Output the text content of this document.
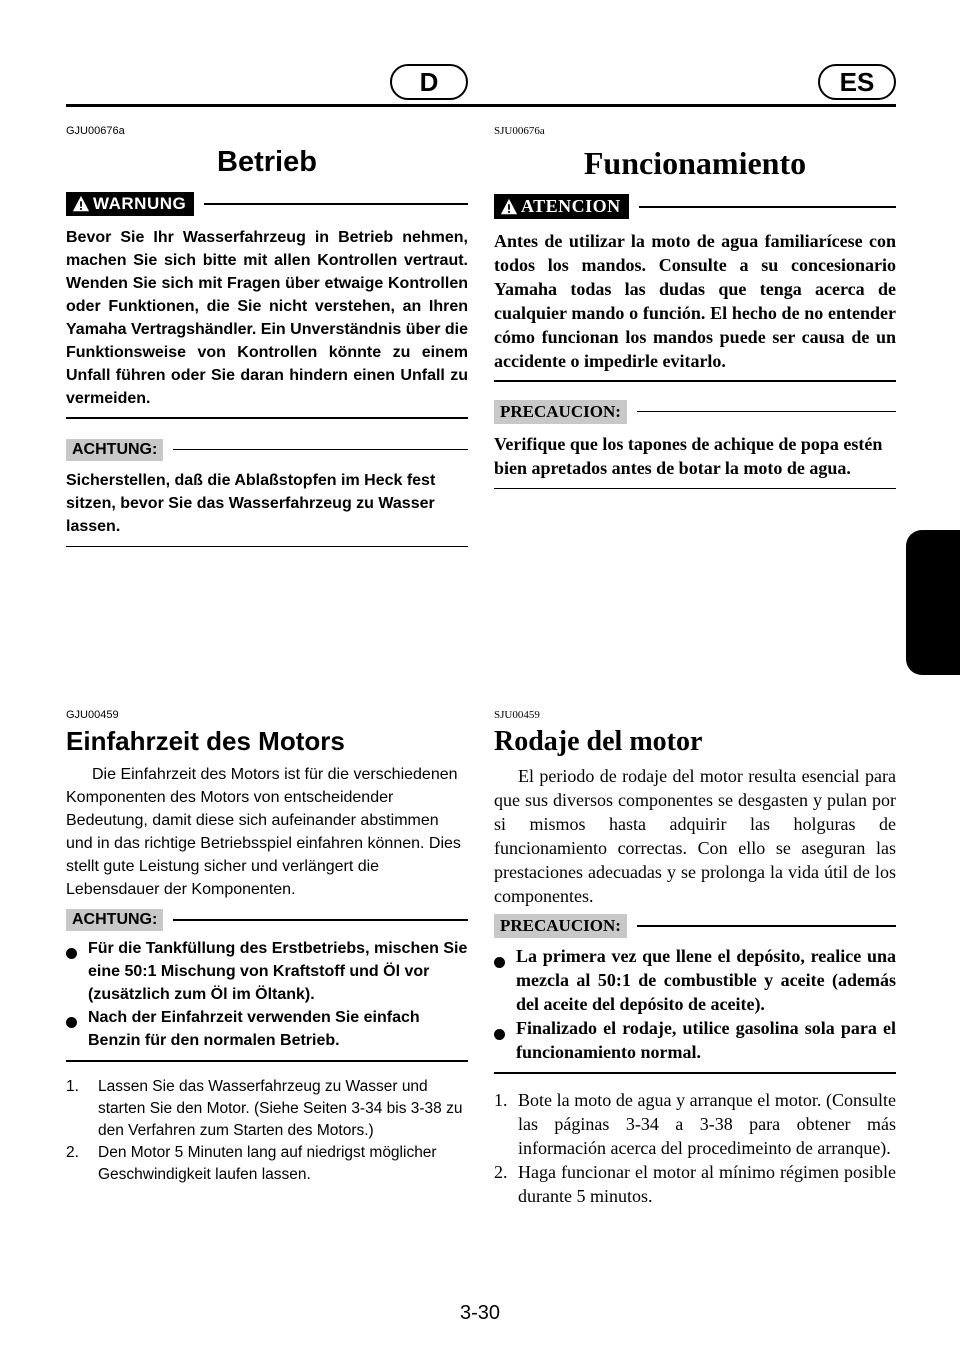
D	ES
GJU00676a
Betrieb
WARNUNG

Bevor Sie Ihr Wasserfahrzeug in Betrieb nehmen, machen Sie sich bitte mit allen Kontrollen vertraut. Wenden Sie sich mit Fragen über etwaige Kontrollen oder Funktionen, die Sie nicht verstehen, an Ihren Yamaha Vertragshändler. Ein Unverständnis über die Funktionsweise von Kontrollen könnte zu einem Unfall führen oder Sie daran hindern einen Unfall zu vermeiden.

ACHTUNG:

Sicherstellen, daß die Ablaßstopfen im Heck fest sitzen, bevor Sie das Wasserfahrzeug zu Wasser lassen.

SJU00676a
Funcionamiento
ATENCION

Antes de utilizar la moto de agua familiarícese con todos los mandos. Consulte a su concesionario Yamaha todas las dudas que tenga acerca de cualquier mando o función. El hecho de no entender cómo funcionan los mandos puede ser causa de un accidente o impedirle evitarlo.

PRECAUCION:

Verifique que los tapones de achique de popa estén bien apretados antes de botar la moto de agua.

GJU00459
Einfahrzeit des Motors

Die Einfahrzeit des Motors ist für die verschiedenen Komponenten des Motors von entscheidender Bedeutung, damit diese sich aufeinander abstimmen und in das richtige Betriebsspiel einfahren können. Dies stellt gute Leistung sicher und verlängert die Lebensdauer der Komponenten.

ACHTUNG:
Für die Tankfüllung des Erstbetriebs, mischen Sie eine 50:1 Mischung von Kraftstoff und Öl vor (zusätzlich zum Öl im Öltank).
Nach der Einfahrzeit verwenden Sie einfach Benzin für den normalen Betrieb.
1.	Lassen Sie das Wasserfahrzeug zu Wasser und starten Sie den Motor. (Siehe Seiten 3-34 bis 3-38 zu den Verfahren zum Starten des Motors.)
2.	Den Motor 5 Minuten lang auf niedrigst möglicher Geschwindigkeit laufen lassen.
SJU00459
Rodaje del motor

El periodo de rodaje del motor resulta esencial para que sus diversos componentes se desgasten y pulan por si mismos hasta adquirir las holguras de funcionamiento correctas. Con ello se aseguran las prestaciones adecuadas y se prolonga la vida útil de los componentes.

PRECAUCION:
La primera vez que llene el depósito, realice una mezcla al 50:1 de combustible y aceite (además del aceite del depósito de aceite).
Finalizado el rodaje, utilice gasolina sola para el funcionamiento normal.
1. Bote la moto de agua y arranque el motor. (Consulte las páginas 3-34 a 3-38 para obtener más información acerca del procedimeinto de arranque).
2. Haga funcionar el motor al mínimo régimen posible durante 5 minutos.
3-30
